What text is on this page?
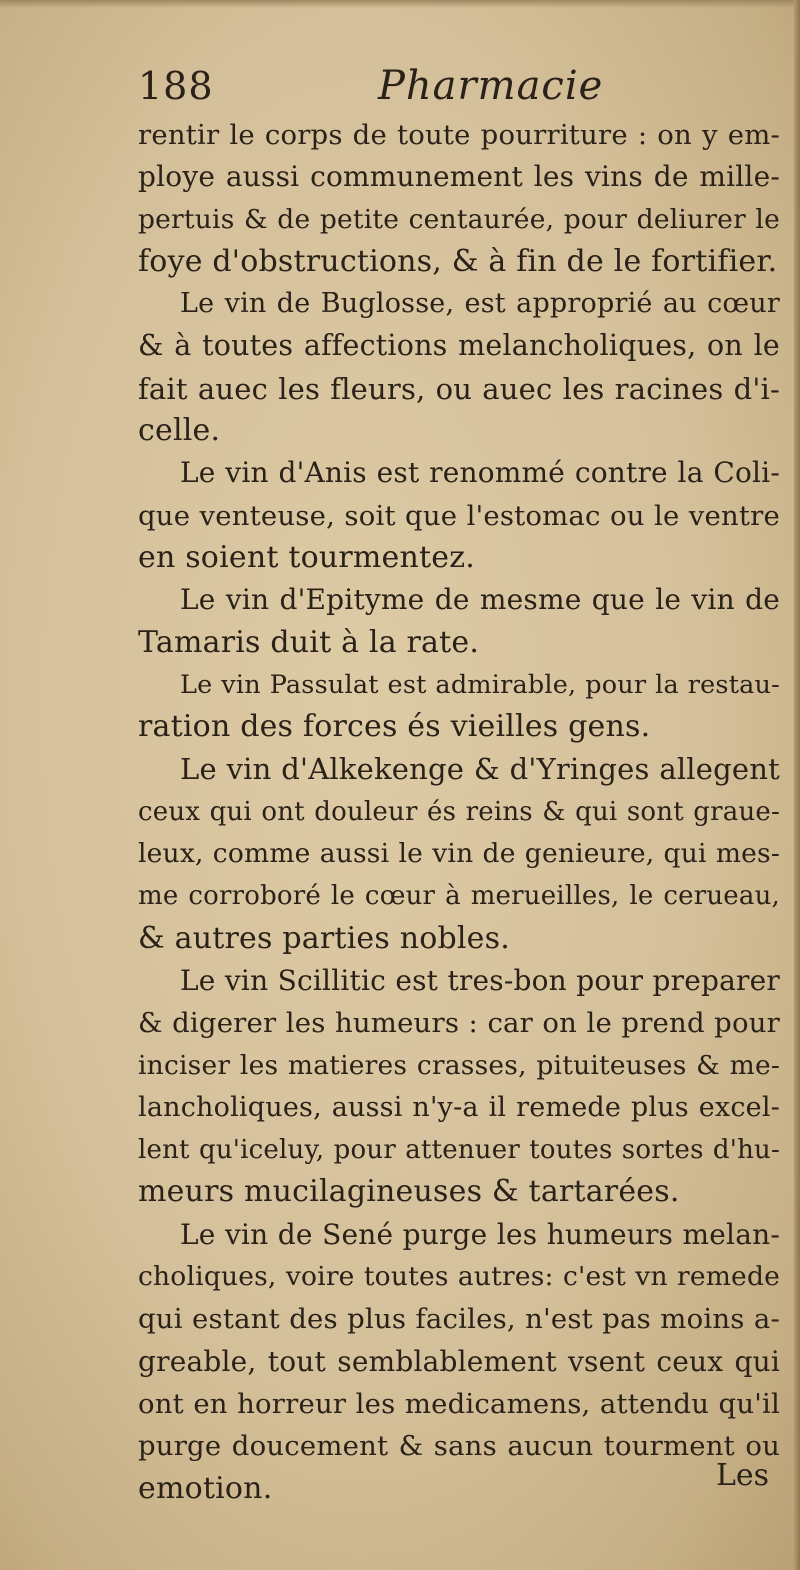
188	Pharmacie
rentir le corps de toute pourriture : on y em-
ploye aussi communement les vins de mille-
pertuis & de petite centaurée, pour deliurer le
foye d'obstructions, & à fin de le fortifier.
Le vin de Buglosse, est approprié au cœur
& à toutes affections melancholiques, on le
fait auec les fleurs, ou auec les racines d'i-
celle.
Le vin d'Anis est renommé contre la Coli-
que venteuse, soit que l'estomac ou le ventre
en soient tourmentez.
Le vin d'Epityme de mesme que le vin de
Tamaris duit à la rate.
Le vin Passulat est admirable, pour la restau-
ration des forces és vieilles gens.
Le vin d'Alkekenge & d'Yringes allegent
ceux qui ont douleur és reins & qui sont graue-
leux, comme aussi le vin de genieure, qui mes-
me corroboré le cœur à merueilles, le cerueau,
& autres parties nobles.
Le vin Scillitic est tres-bon pour preparer
& digerer les humeurs : car on le prend pour
inciser les matieres crasses, pituiteuses & me-
lancholiques, aussi n'y-a il remede plus excel-
lent qu'iceluy, pour attenuer toutes sortes d'hu-
meurs mucilagineuses & tartarées.
Le vin de Sené purge les humeurs melan-
choliques, voire toutes autres: c'est vn remede
qui estant des plus faciles, n'est pas moins a-
greable, tout semblablement vsent ceux qui
ont en horreur les medicamens, attendu qu'il
purge doucement & sans aucun tourment ou
emotion.	Les
